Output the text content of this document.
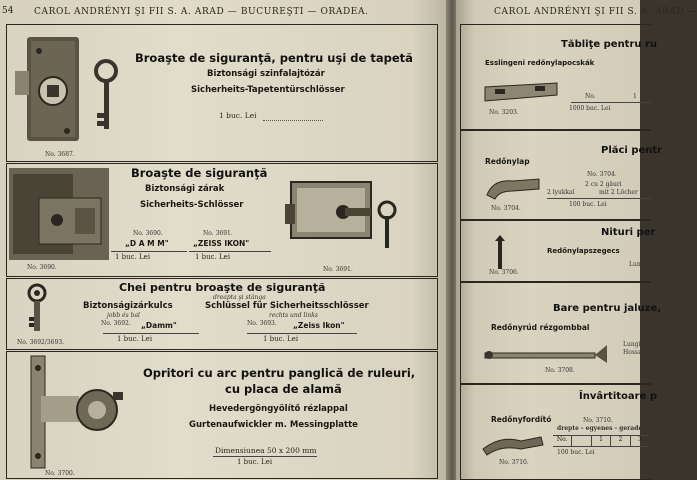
54 CAROL ANDRÉNYI ŞI FII S. A. ARAD — BUCUREŞTI — ORADEA.
No. 3687.
Broaşte de siguranţă, pentru uşi de tapetă
Biztonsági szinfalajtózár
Sicherheits-Tapetentürschlösser
1 buc. Lei
No. 3690.	No. 3691.
Broaşte de siguranţă
Biztonsági zárak
Sicherheits-Schlösser
No. 3690.
„D A M M"
1 buc. Lei
No. 3691.
„ZEISS IKON"
1 buc. Lei
No. 3692/3693.
Chei pentru broaşte de siguranţă
dreapta şi stânga
Biztonságizárkulcs
jobb és bal
Schlüssel für Sicherheitsschlösser
rechts und links
No. 3692. „Damm"
1 buc. Lei
No. 3693. „Zeiss Ikon"
1 buc. Lei
No. 3700.
Opritori cu arc pentru panglică de ruleuri,
cu placa de alamă
Hevedergöngyölítő rézlappal
Gurtenaufwickler m. Messingplatte
Dimensiunea 50 x 200 mm
1 buc. Lei
CAROL ANDRÉNYI ŞI FII S. A. ARAD —
Tăbliţe pentru ru
Esslingeni redőnylapocskák
No. 3203.
No.	1
1000 buc. Lei
Plăci pentr
Redőnylap
No. 3704.
No. 3704.
2 cu 2 găuri
2 lyukkal	mit 2 Löcher
100 buc. Lei
Nituri per
Redőnylapszegecs
No. 3706.
Lungi
Bare pentru jaluze,
Redőnyrúd rézgombbal
No. 3708.
Lungime
Hossz
Învârtitoare p
Redőnyfordító
No. 3710.
No. 3710.
dreptе - egyenes - gerade
No.	1	2	3
100 buc. Lei
